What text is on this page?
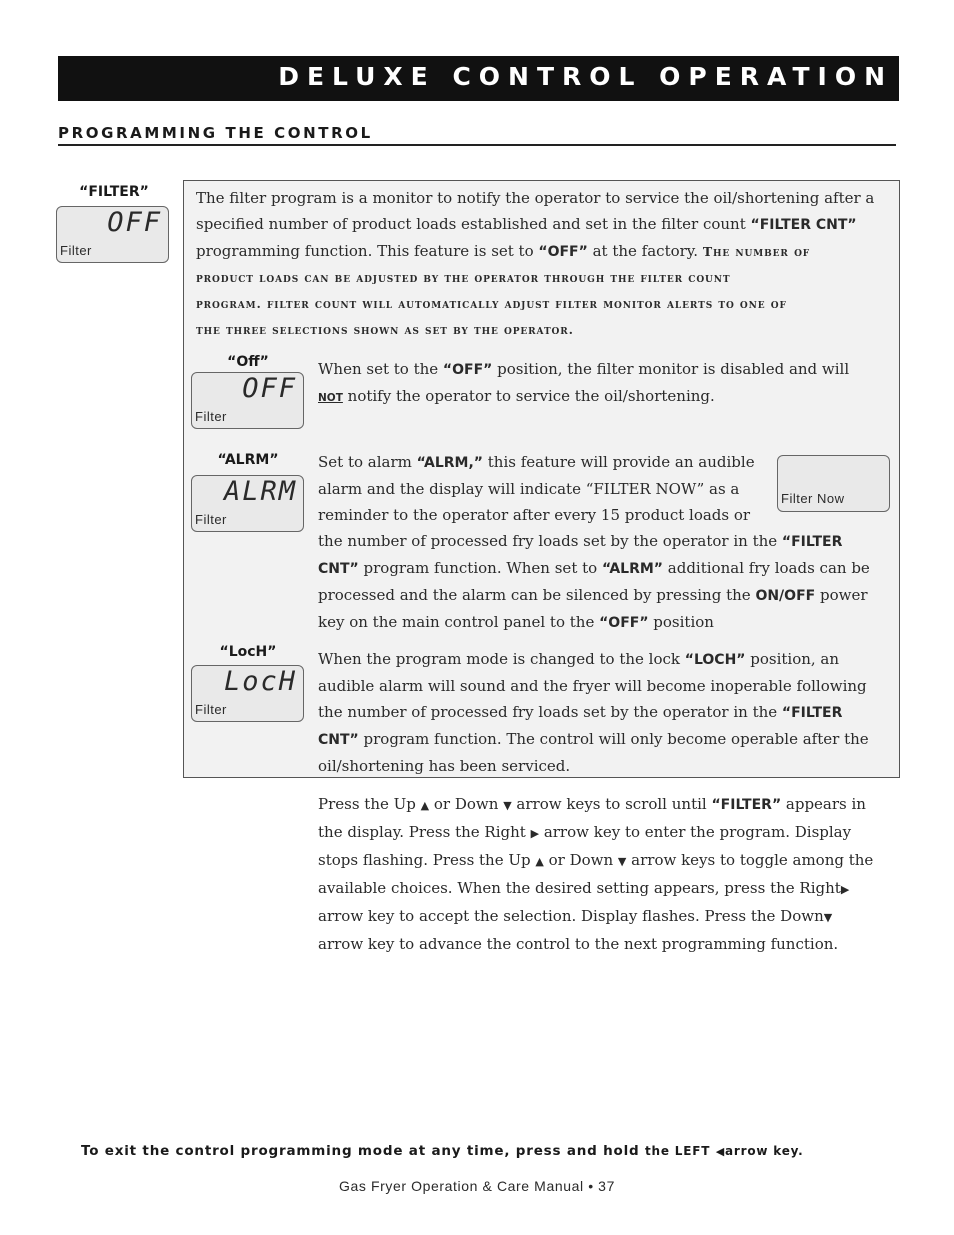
DELUXE CONTROL OPERATION
PROGRAMMING THE CONTROL
“FILTER”
OFF
Filter
The filter program is a monitor to notify the operator to service the oil/shortening after a
specified number of product loads established and set in the filter count “FILTER CNT”
programming function. This feature is set to “OFF” at the factory. The number of
product loads can be adjusted by the operator through the filter count
program. filter count will automatically adjust filter monitor alerts to one of
the three selections shown as set by the operator.
“Off”
OFF
Filter
When set to the “OFF” position, the filter monitor is disabled and will
NOT notify the operator to service the oil/shortening.
“ALRM”
ALRM
Filter
Filter Now
Set to alarm “ALRM,” this feature will provide an audible
alarm and the display will indicate “FILTER NOW” as a
reminder to the operator after every 15 product loads or
the number of processed fry loads set by the operator in the “FILTER
CNT” program function. When set to “ALRM” additional fry loads can be
processed and the alarm can be silenced by pressing the ON/OFF power
key on the main control panel to the “OFF” position
“LocH”
LocH
Filter
When the program mode is changed to the lock “LOCH” position, an
audible alarm will sound and the fryer will become inoperable following
the number of processed fry loads set by the operator in the “FILTER
CNT” program function. The control will only become operable after the
oil/shortening has been serviced.
Press the Up ▲ or Down ▼ arrow keys to scroll until “FILTER” appears in
the display. Press the Right ▶ arrow key to enter the program. Display
stops flashing. Press the Up ▲ or Down ▼ arrow keys to toggle among the
available choices. When the desired setting appears, press the Right▶
arrow key to accept the selection. Display flashes. Press the Down▼
arrow key to advance the control to the next programming function.
To exit the control programming mode at any time, press and hold the LEFT ◀arrow key.
Gas Fryer Operation & Care Manual • 37
